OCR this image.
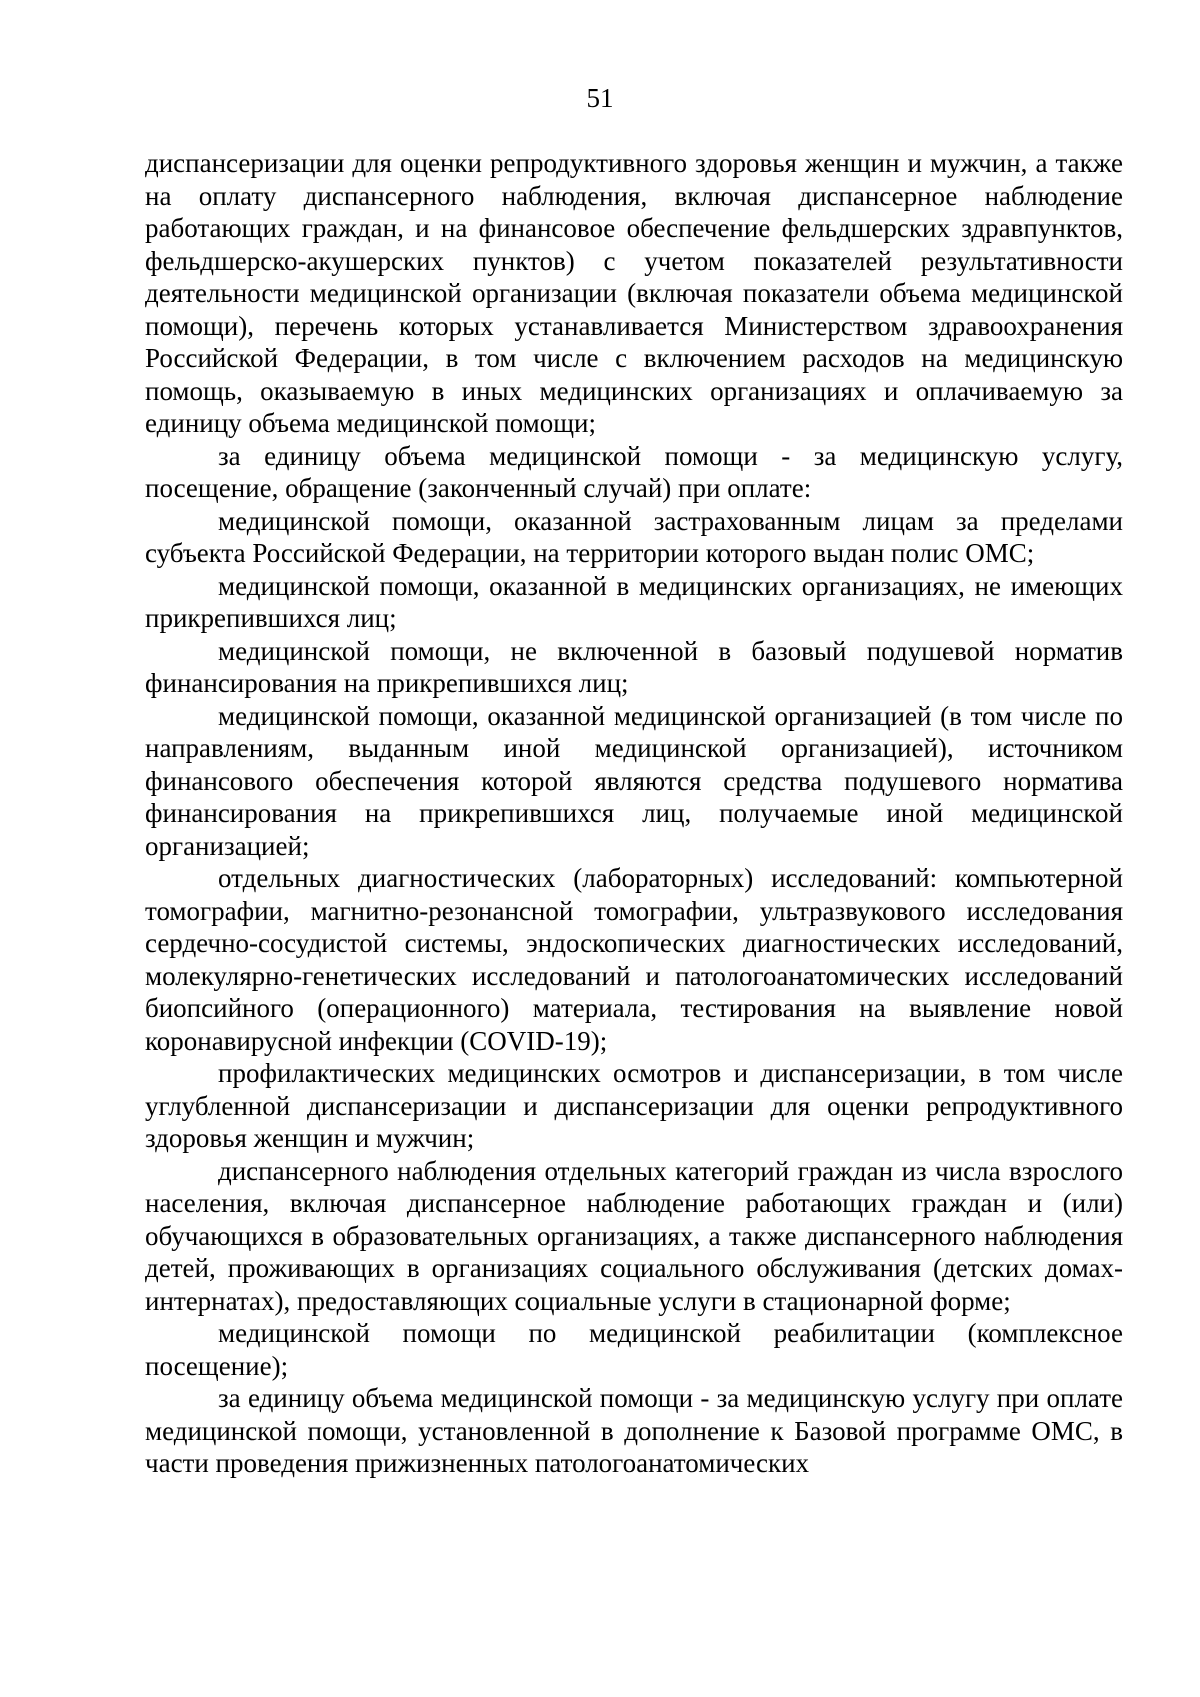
51

диспансеризации для оценки репродуктивного здоровья женщин и мужчин, а также на оплату диспансерного наблюдения, включая диспансерное наблюдение работающих граждан, и на финансовое обеспечение фельдшерских здравпунктов, фельдшерско-акушерских пунктов) с учетом показателей результативности деятельности медицинской организации (включая показатели объема медицинской помощи), перечень которых устанавливается Министерством здравоохранения Российской Федерации, в том числе с включением расходов на медицинскую помощь, оказываемую в иных медицинских организациях и оплачиваемую за единицу объема медицинской помощи;

за единицу объема медицинской помощи - за медицинскую услугу, посещение, обращение (законченный случай) при оплате:

медицинской помощи, оказанной застрахованным лицам за пределами субъекта Российской Федерации, на территории которого выдан полис ОМС;

медицинской помощи, оказанной в медицинских организациях, не имеющих прикрепившихся лиц;

медицинской помощи, не включенной в базовый подушевой норматив финансирования на прикрепившихся лиц;

медицинской помощи, оказанной медицинской организацией (в том числе по направлениям, выданным иной медицинской организацией), источником финансового обеспечения которой являются средства подушевого норматива финансирования на прикрепившихся лиц, получаемые иной медицинской организацией;

отдельных диагностических (лабораторных) исследований: компьютерной томографии, магнитно-резонансной томографии, ультразвукового исследования сердечно-сосудистой системы, эндоскопических диагностических исследований, молекулярно-генетических исследований и патологоанатомических исследований биопсийного (операционного) материала, тестирования на выявление новой коронавирусной инфекции (COVID-19);

профилактических медицинских осмотров и диспансеризации, в том числе углубленной диспансеризации и диспансеризации для оценки репродуктивного здоровья женщин и мужчин;

диспансерного наблюдения отдельных категорий граждан из числа взрослого населения, включая диспансерное наблюдение работающих граждан и (или) обучающихся в образовательных организациях, а также диспансерного наблюдения детей, проживающих в организациях социального обслуживания (детских домах-интернатах), предоставляющих социальные услуги в стационарной форме;

медицинской помощи по медицинской реабилитации (комплексное посещение);

за единицу объема медицинской помощи - за медицинскую услугу при оплате медицинской помощи, установленной в дополнение к Базовой программе ОМС, в части проведения прижизненных патологоанатомических
